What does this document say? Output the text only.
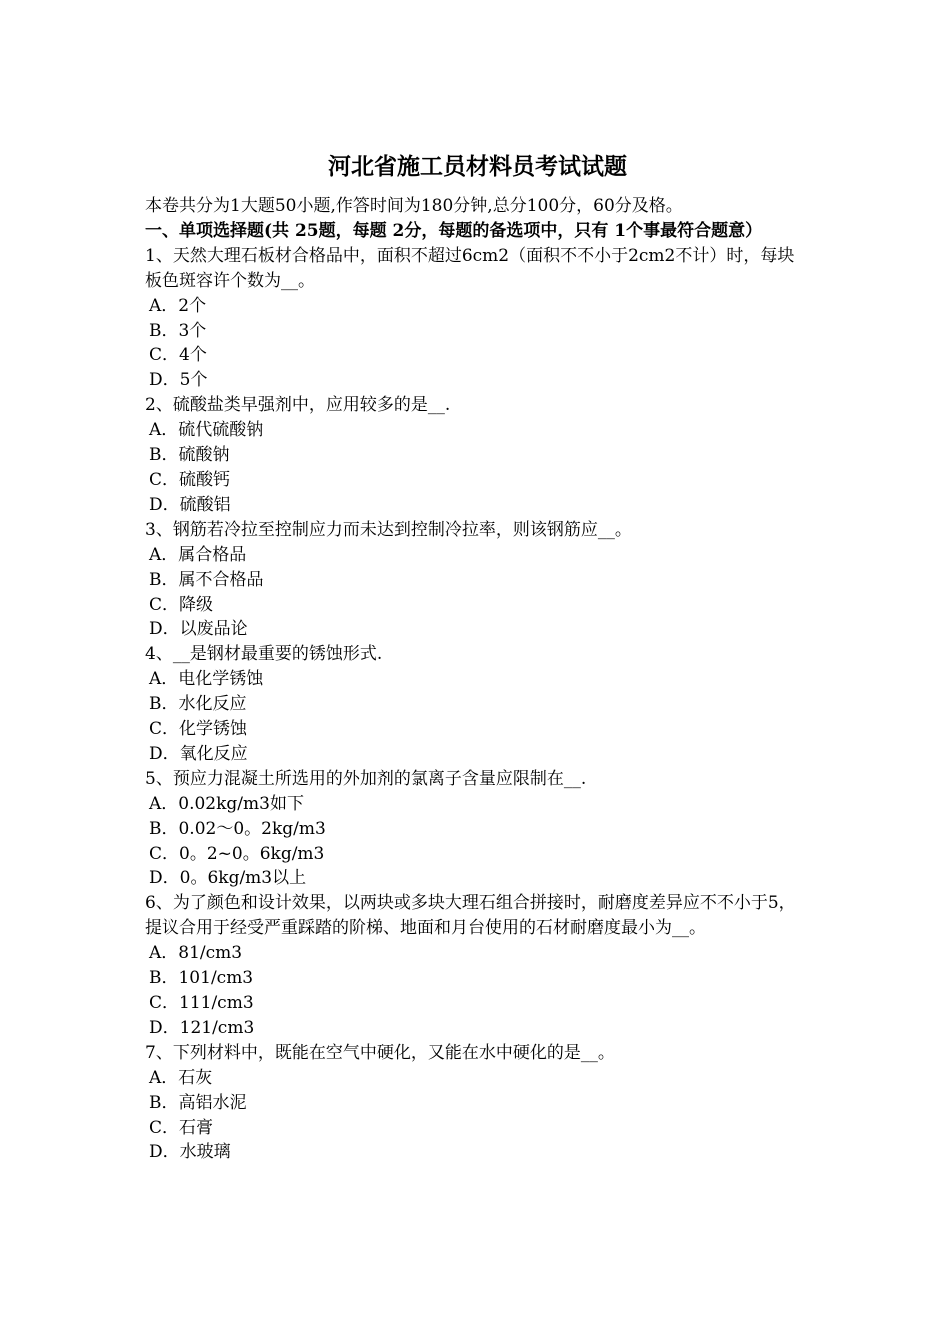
河北省施工员材料员考试试题
本卷共分为1大题50小题,作答时间为180分钟,总分100分，60分及格。
一、单项选择题(共 25题，每题 2分，每题的备选项中，只有 1个事最符合题意）
1、天然大理石板材合格品中，面积不超过6cm2（面积不不小于2cm2不计）时，每块板色斑容许个数为__。
A．2个
B．3个
C．4个
D．5个
2、硫酸盐类早强剂中，应用较多的是__.
A．硫代硫酸钠
B．硫酸钠
C．硫酸钙
D．硫酸铝
3、钢筋若冷拉至控制应力而未达到控制冷拉率，则该钢筋应__。
A．属合格品
B．属不合格品
C．降级
D．以废品论
4、__是钢材最重要的锈蚀形式.
A．电化学锈蚀
B．水化反应
C．化学锈蚀
D．氧化反应
5、预应力混凝土所选用的外加剂的氯离子含量应限制在__.
A．0.02kg/m3如下
B．0.02～0。2kg/m3
C．0。2~0。6kg/m3
D．0。6kg/m3以上
6、为了颜色和设计效果，以两块或多块大理石组合拼接时，耐磨度差异应不不小于5，提议合用于经受严重踩踏的阶梯、地面和月台使用的石材耐磨度最小为__。
A．81/cm3
B．101/cm3
C．111/cm3
D．121/cm3
7、下列材料中，既能在空气中硬化，又能在水中硬化的是__。
A．石灰
B．高铝水泥
C．石膏
D．水玻璃
